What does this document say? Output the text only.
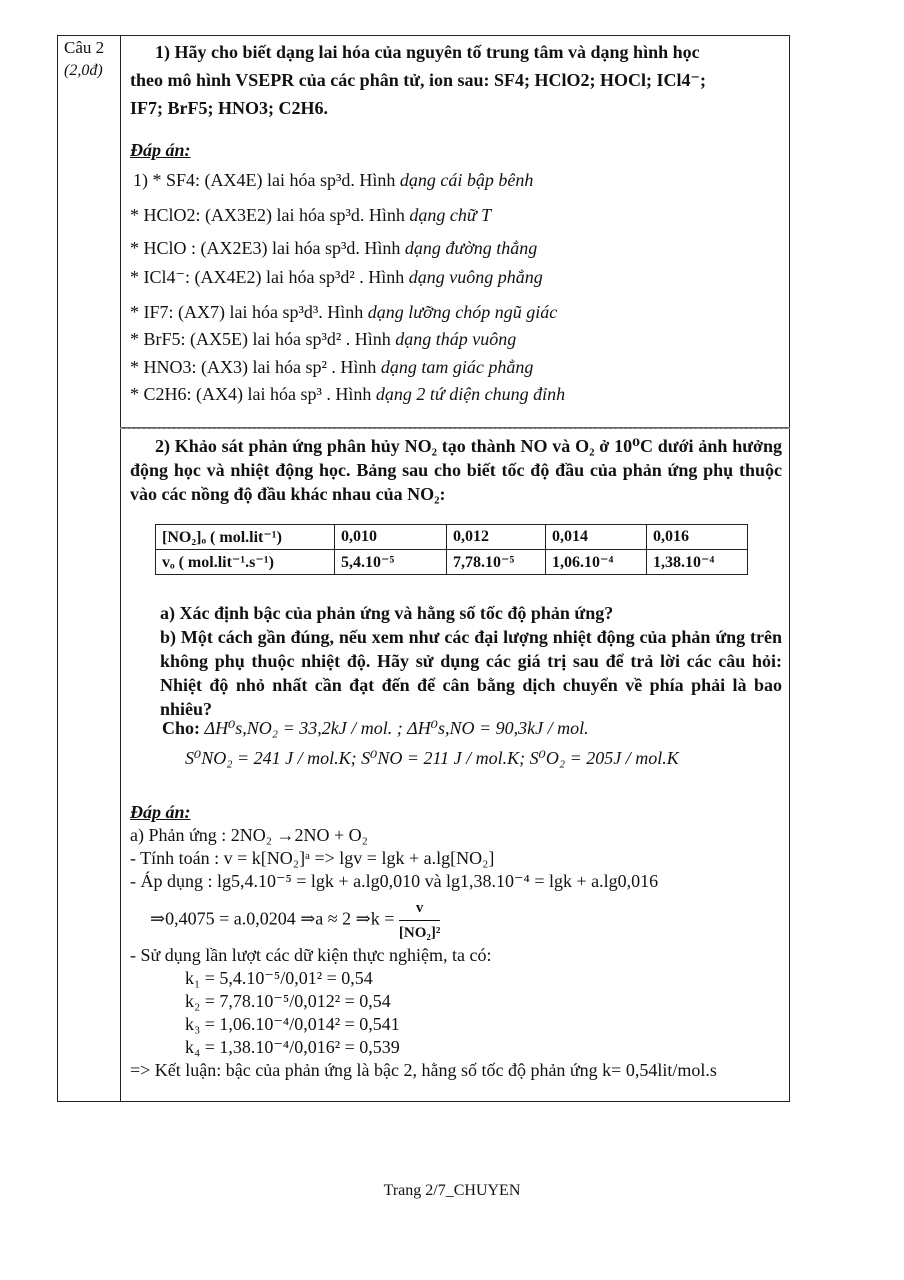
Câu 2
(2,0đ)
1) Hãy cho biết dạng lai hóa của nguyên tố trung tâm và dạng hình học
theo mô hình VSEPR của các phân tử, ion sau: SF4; HClO2; HOCl; ICl4⁻;
IF7; BrF5; HNO3; C2H6.
Đáp án:
1) * SF4: (AX4E) lai hóa sp³d. Hình dạng cái bập bênh
* HClO2: (AX3E2) lai hóa sp³d. Hình dạng chữ T
* HClO : (AX2E3) lai hóa sp³d. Hình dạng đường thẳng
* ICl4⁻: (AX4E2) lai hóa sp³d² . Hình dạng vuông phẳng
* IF7: (AX7) lai hóa sp³d³. Hình dạng lưỡng chóp ngũ giác
* BrF5: (AX5E) lai hóa sp³d² . Hình dạng tháp vuông
* HNO3: (AX3) lai hóa sp² . Hình dạng tam giác phẳng
* C2H6: (AX4) lai hóa sp³ . Hình dạng 2 tứ diện chung đỉnh
2) Khảo sát phản ứng phân hủy NO₂ tạo thành NO và O₂ ở 10⁰C dưới ảnh hưởng động học và nhiệt động học. Bảng sau cho biết tốc độ đầu của phản ứng phụ thuộc vào các nồng độ đầu khác nhau của NO₂:
[NO₂]ₒ ( mol.lit⁻¹)	0,010	0,012	0,014	0,016
vₒ ( mol.lit⁻¹.s⁻¹)	5,4.10⁻⁵	7,78.10⁻⁵	1,06.10⁻⁴	1,38.10⁻⁴
a) Xác định bậc của phản ứng và hằng số tốc độ phản ứng?
b) Một cách gần đúng, nếu xem như các đại lượng nhiệt động của phản ứng trên không phụ thuộc nhiệt độ. Hãy sử dụng các giá trị sau để trả lời các câu hỏi: Nhiệt độ nhỏ nhất cần đạt đến để cân bằng dịch chuyển về phía phải là bao nhiêu?
Cho: ΔH⁰s,NO₂ = 33,2kJ / mol. ; ΔH⁰s,NO = 90,3kJ / mol.
S⁰NO₂ = 241 J / mol.K; S⁰NO = 211 J / mol.K; S⁰O₂ = 205J / mol.K
Đáp án:
a) Phản ứng : 2NO₂ →2NO + O₂
- Tính toán : v = k[NO₂]ᵃ => lgv = lgk + a.lg[NO₂]
- Áp dụng : lg5,4.10⁻⁵ = lgk + a.lg0,010 và lg1,38.10⁻⁴ = lgk + a.lg0,016
⇒0,4075 = a.0,0204 ⇒a ≈ 2 ⇒k = $\frac{v}{\text{[NO₂]²}}$
- Sử dụng lần lượt các dữ kiện thực nghiệm, ta có:
k₁ = 5,4.10⁻⁵/0,01² = 0,54
k₂ = 7,78.10⁻⁵/0,012² = 0,54
k₃ = 1,06.10⁻⁴/0,014² = 0,541
k₄ = 1,38.10⁻⁴/0,016² = 0,539
=> Kết luận: bậc của phản ứng là bậc 2, hằng số tốc độ phản ứng k= 0,54lit/mol.s
Trang 2/7_CHUYEN
